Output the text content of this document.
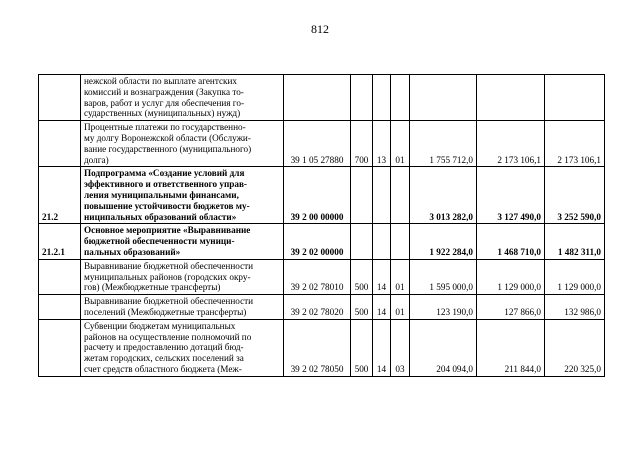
812

	нежской области по выплате агентских
комиссий и вознаграждения (Закупка то-
варов, работ и услуг для обеспечения го-
сударственных (муниципальных) нужд)							

	Процентные платежи по государственно-
му долгу Воронежской области (Обслужи-
вание государственного (муниципального)
долга)	39 1 05 27880	700	13	01	1 755 712,0	2 173 106,1	2 173 106,1
21.2	Подпрограмма «Создание условий для
эффективного и ответственного управ-
ления муниципальными финансами,
повышение устойчивости бюджетов му-
ниципальных образований области»	39 2 00 00000				3 013 282,0	3 127 490,0	3 252 590,0
21.2.1	Основное мероприятие «Выравнивание
бюджетной обеспеченности муници-
пальных образований»	39 2 02 00000				1 922 284,0	1 468 710,0	1 482 311,0

	Выравнивание бюджетной обеспеченности
муниципальных районов (городских окру-
гов) (Межбюджетные трансферты)	39 2 02 78010	500	14	01	1 595 000,0	1 129 000,0	1 129 000,0

	Выравнивание бюджетной обеспеченности
поселений (Межбюджетные трансферты)	39 2 02 78020	500	14	01	123 190,0	127 866,0	132 986,0

	Субвенции бюджетам муниципальных
районов на осуществление полномочий по
расчету и предоставлению дотаций бюд-
жетам городских, сельских поселений за
счет средств областного бюджета (Меж-	39 2 02 78050	500	14	03	204 094,0	211 844,0	220 325,0
